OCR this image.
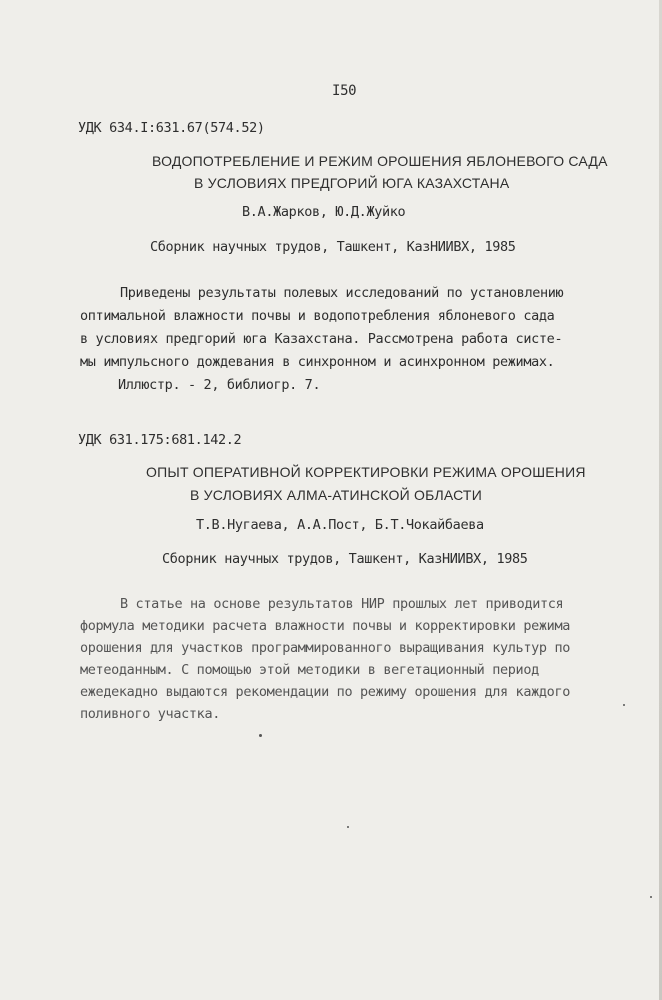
I50
УДК 634.I:631.67(574.52)
ВОДОПОТРЕБЛЕНИЕ И РЕЖИМ ОРОШЕНИЯ ЯБЛОНЕВОГО САДА
В УСЛОВИЯХ ПРЕДГОРИЙ ЮГА КАЗАХСТАНА
В.А.Жарков, Ю.Д.Жуйко
Сборник научных трудов, Ташкент, КазНИИВХ, 1985
Приведены результаты полевых исследований по установлению
оптимальной влажности почвы и водопотребления яблоневого сада
в условиях предгорий юга Казахстана. Рассмотрена работа систе-
мы импульсного дождевания в синхронном и асинхронном режимах.
Иллюстр. - 2, библиогр. 7.
УДК 631.175:681.142.2
ОПЫТ ОПЕРАТИВНОЙ КОРРЕКТИРОВКИ РЕЖИМА ОРОШЕНИЯ
В УСЛОВИЯХ АЛМА-АТИНСКОЙ ОБЛАСТИ
Т.В.Нугаева, А.А.Пост, Б.Т.Чокайбаева
Сборник научных трудов, Ташкент, КазНИИВХ, 1985
В статье на основе результатов НИР прошлых лет приводится
формула методики расчета влажности почвы и корректировки режима
орошения для участков программированного выращивания культур по
метеоданным. С помощью этой методики в вегетационный период
ежедекадно выдаются рекомендации по режиму орошения для каждого
поливного участка.
